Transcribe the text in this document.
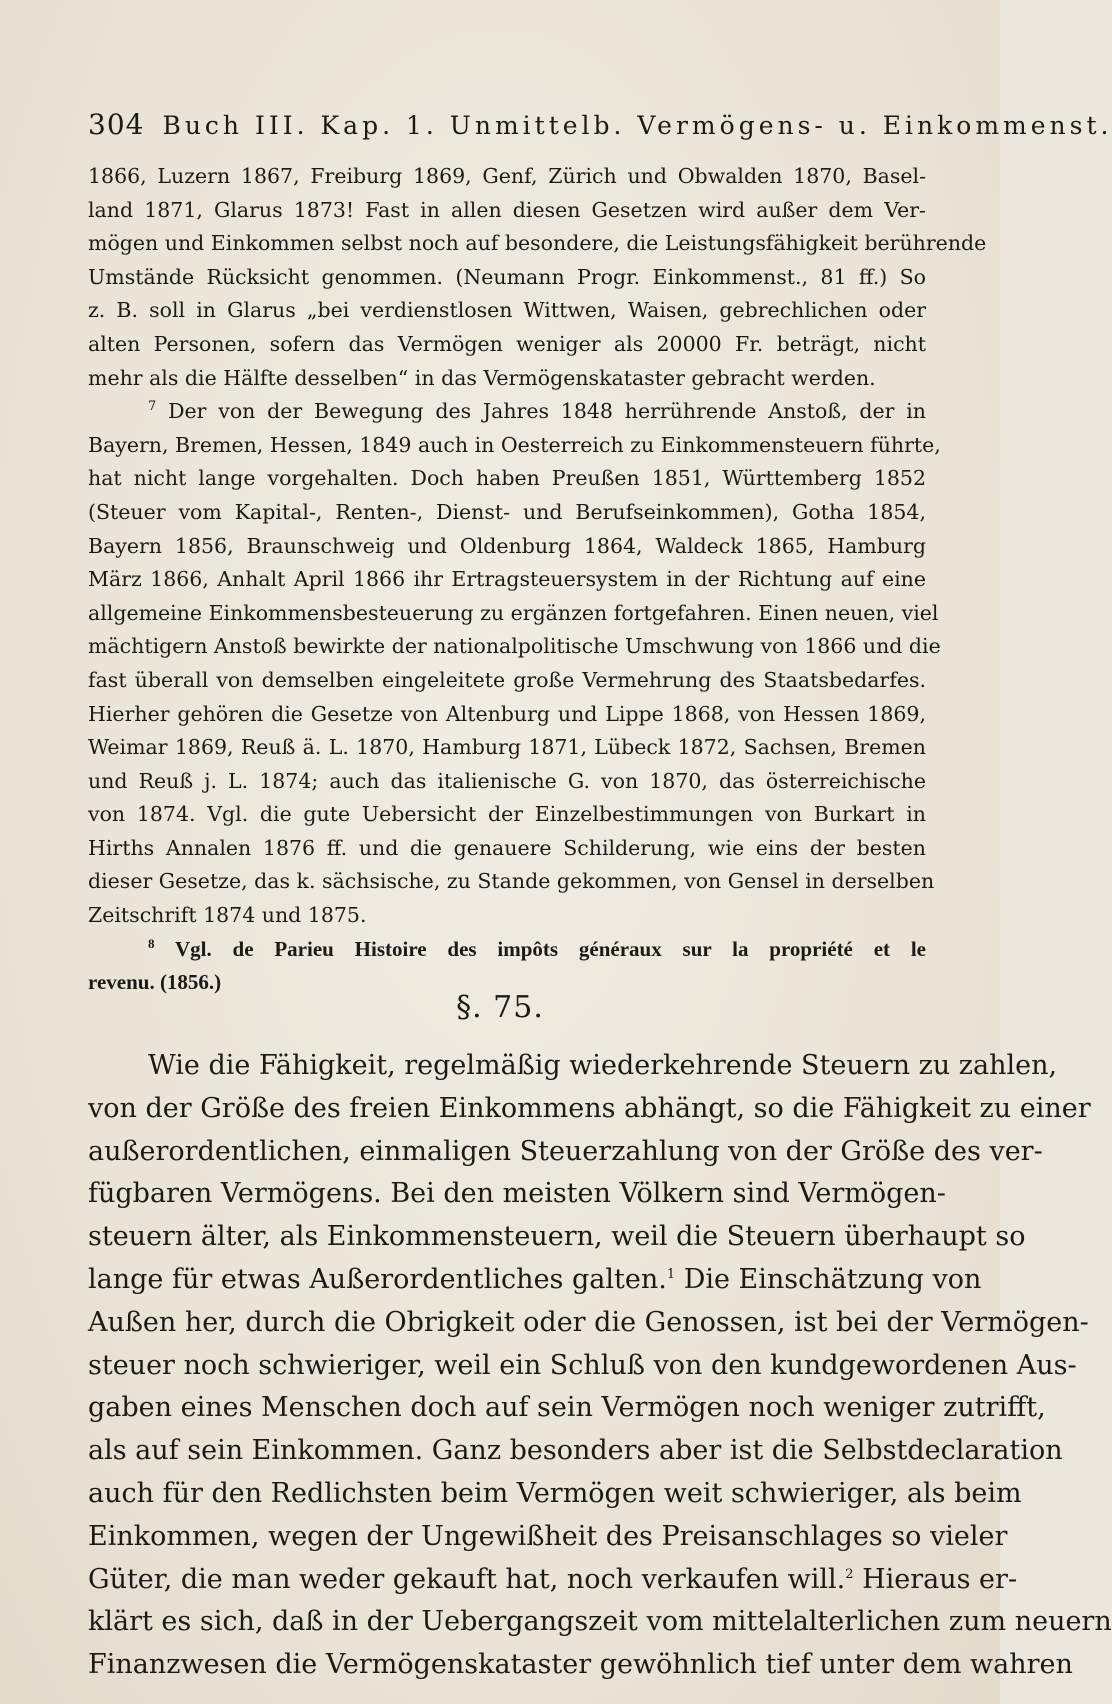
304 Buch III. Kap. 1. Unmittelb. Vermögens- u. Einkommenst.
1866, Luzern 1867, Freiburg 1869, Genf, Zürich und Obwalden 1870, Basel-
land 1871, Glarus 1873! Fast in allen diesen Gesetzen wird außer dem Ver-
mögen und Einkommen selbst noch auf besondere, die Leistungsfähigkeit berührende
Umstände Rücksicht genommen. (Neumann Progr. Einkommenst., 81 ff.) So
z. B. soll in Glarus „bei verdienstlosen Wittwen, Waisen, gebrechlichen oder
alten Personen, sofern das Vermögen weniger als 20000 Fr. beträgt, nicht
mehr als die Hälfte desselben“ in das Vermögenskataster gebracht werden.
$^7$ Der von der Bewegung des Jahres 1848 herrührende Anstoß, der in
Bayern, Bremen, Hessen, 1849 auch in Oesterreich zu Einkommensteuern führte,
hat nicht lange vorgehalten. Doch haben Preußen 1851, Württemberg 1852
(Steuer vom Kapital-, Renten-, Dienst- und Berufseinkommen), Gotha 1854,
Bayern 1856, Braunschweig und Oldenburg 1864, Waldeck 1865, Hamburg
März 1866, Anhalt April 1866 ihr Ertragsteuersystem in der Richtung auf eine
allgemeine Einkommensbesteuerung zu ergänzen fortgefahren. Einen neuen, viel
mächtigern Anstoß bewirkte der nationalpolitische Umschwung von 1866 und die
fast überall von demselben eingeleitete große Vermehrung des Staatsbedarfes.
Hierher gehören die Gesetze von Altenburg und Lippe 1868, von Hessen 1869,
Weimar 1869, Reuß ä. L. 1870, Hamburg 1871, Lübeck 1872, Sachsen, Bremen
und Reuß j. L. 1874; auch das italienische G. von 1870, das österreichische
von 1874. Vgl. die gute Uebersicht der Einzelbestimmungen von Burkart in
Hirths Annalen 1876 ff. und die genauere Schilderung, wie eins der besten
dieser Gesetze, das k. sächsische, zu Stande gekommen, von Gensel in derselben
Zeitschrift 1874 und 1875.
$^8$ Vgl. de Parieu Histoire des impôts généraux sur la propriété et le
revenu. (1856.)
§. 75.
Wie die Fähigkeit, regelmäßig wiederkehrende Steuern zu zahlen,
von der Größe des freien Einkommens abhängt, so die Fähigkeit zu einer
außerordentlichen, einmaligen Steuerzahlung von der Größe des ver-
fügbaren Vermögens. Bei den meisten Völkern sind Vermögen-
steuern älter, als Einkommensteuern, weil die Steuern überhaupt so
lange für etwas Außerordentliches galten.$^1$ Die Einschätzung von
Außen her, durch die Obrigkeit oder die Genossen, ist bei der Vermögen-
steuer noch schwieriger, weil ein Schluß von den kundgewordenen Aus-
gaben eines Menschen doch auf sein Vermögen noch weniger zutrifft,
als auf sein Einkommen. Ganz besonders aber ist die Selbstdeclaration
auch für den Redlichsten beim Vermögen weit schwieriger, als beim
Einkommen, wegen der Ungewißheit des Preisanschlages so vieler
Güter, die man weder gekauft hat, noch verkaufen will.$^2$ Hieraus er-
klärt es sich, daß in der Uebergangszeit vom mittelalterlichen zum neuern
Finanzwesen die Vermögenskataster gewöhnlich tief unter dem wahren
